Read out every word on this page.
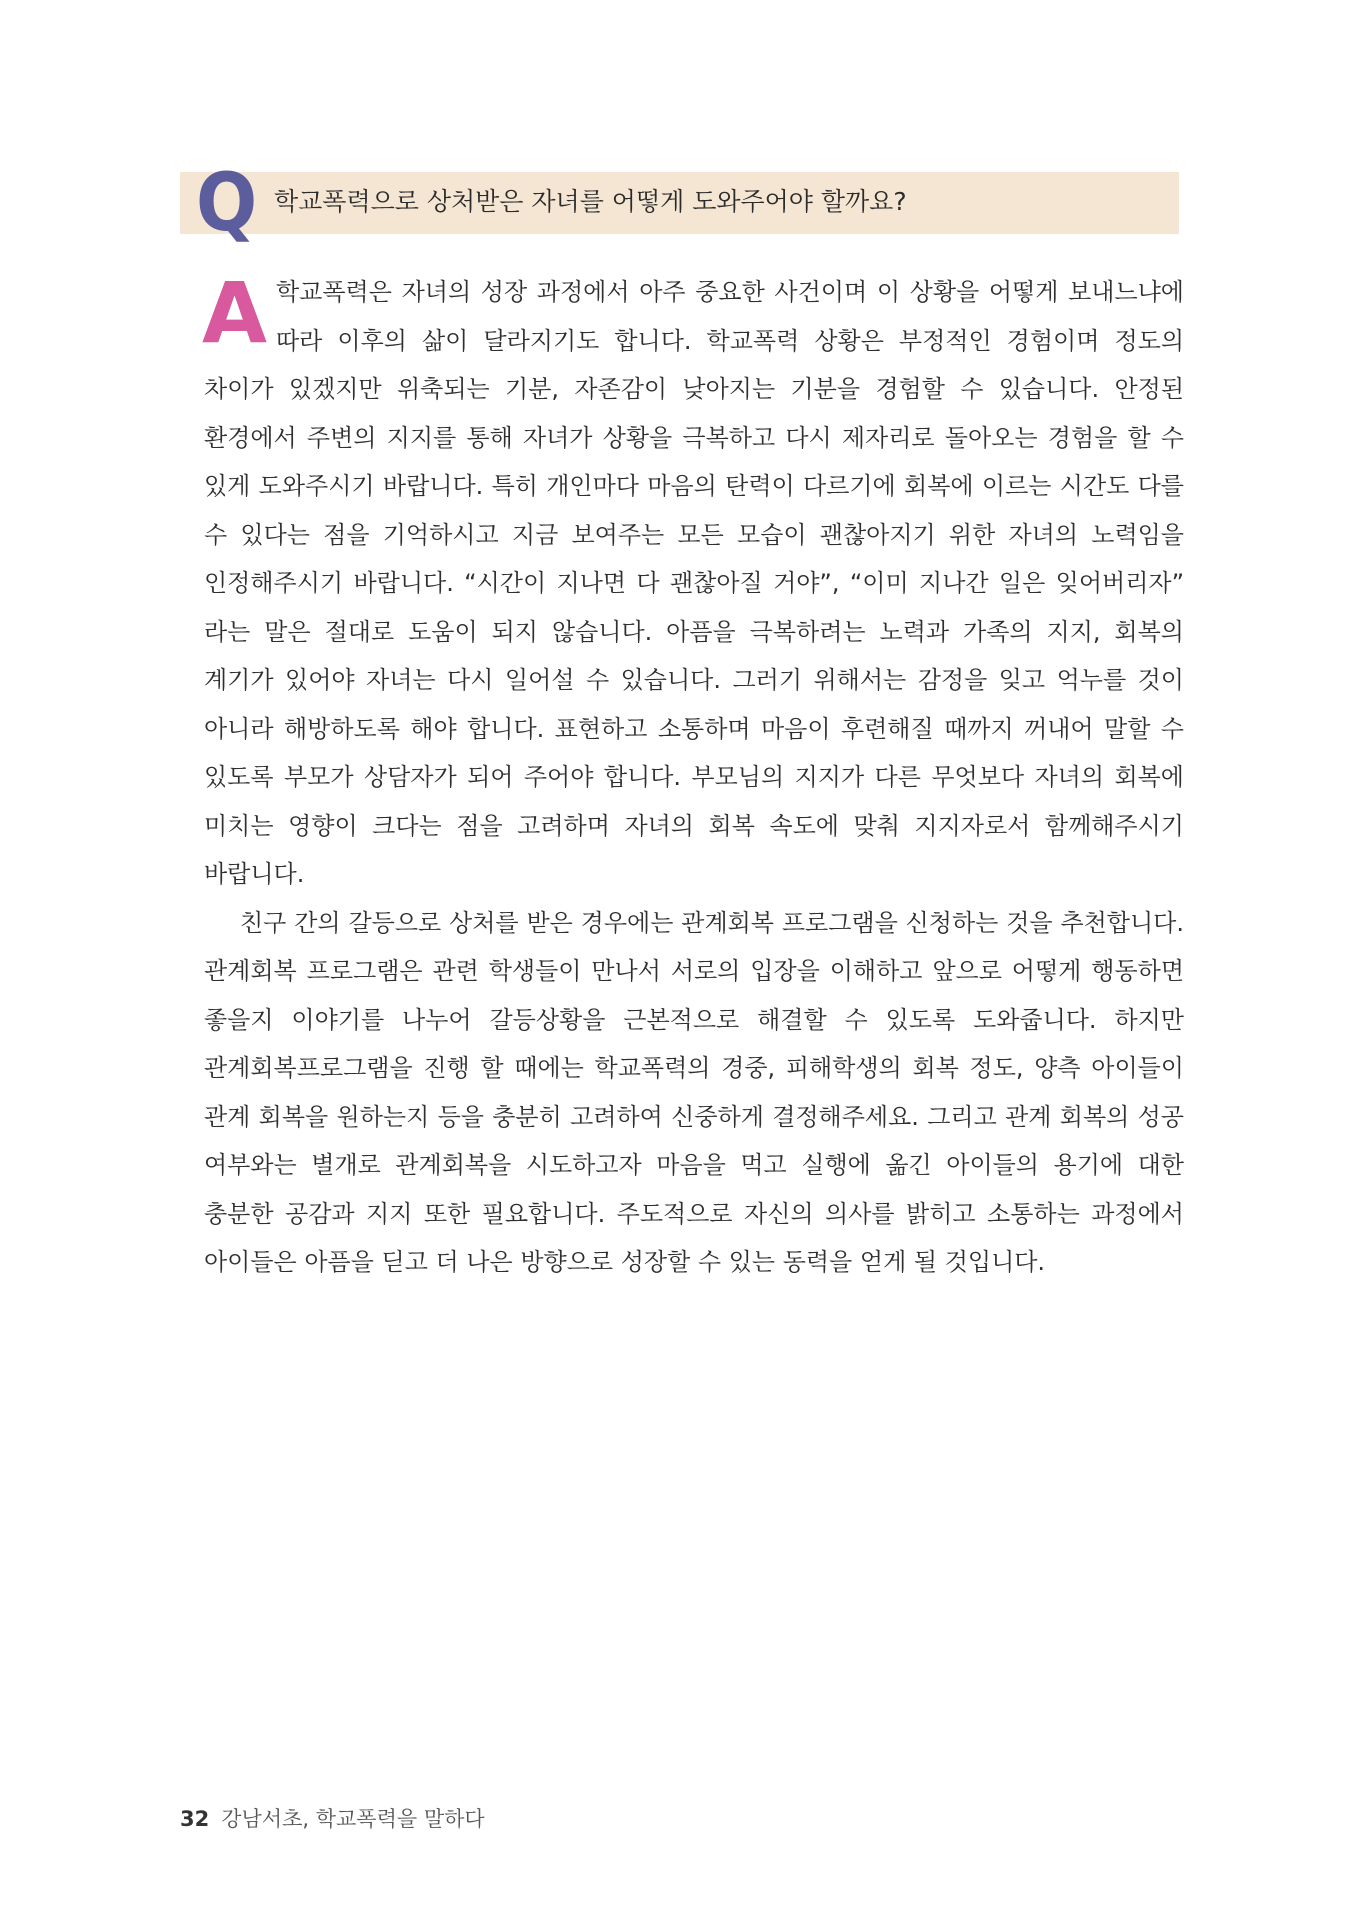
Q 학교폭력으로 상처받은 자녀를 어떻게 도와주어야 할까요?
A 학교폭력은 자녀의 성장 과정에서 아주 중요한 사건이며 이 상황을 어떻게 보내느냐에 따라 이후의 삶이 달라지기도 합니다. 학교폭력 상황은 부정적인 경험이며 정도의 차이가 있겠지만 위축되는 기분, 자존감이 낮아지는 기분을 경험할 수 있습니다. 안정된 환경에서 주변의 지지를 통해 자녀가 상황을 극복하고 다시 제자리로 돌아오는 경험을 할 수 있게 도와주시기 바랍니다. 특히 개인마다 마음의 탄력이 다르기에 회복에 이르는 시간도 다를 수 있다는 점을 기억하시고 지금 보여주는 모든 모습이 괜찮아지기 위한 자녀의 노력임을 인정해주시기 바랍니다. “시간이 지나면 다 괜찮아질 거야”, “이미 지나간 일은 잊어버리자” 라는 말은 절대로 도움이 되지 않습니다. 아픔을 극복하려는 노력과 가족의 지지, 회복의 계기가 있어야 자녀는 다시 일어설 수 있습니다. 그러기 위해서는 감정을 잊고 억누를 것이 아니라 해방하도록 해야 합니다. 표현하고 소통하며 마음이 후련해질 때까지 꺼내어 말할 수 있도록 부모가 상담자가 되어 주어야 합니다. 부모님의 지지가 다른 무엇보다 자녀의 회복에 미치는 영향이 크다는 점을 고려하며 자녀의 회복 속도에 맞춰 지지자로서 함께해주시기 바랍니다.

친구 간의 갈등으로 상처를 받은 경우에는 관계회복 프로그램을 신청하는 것을 추천합니다. 관계회복 프로그램은 관련 학생들이 만나서 서로의 입장을 이해하고 앞으로 어떻게 행동하면 좋을지 이야기를 나누어 갈등상황을 근본적으로 해결할 수 있도록 도와줍니다. 하지만 관계회복프로그램을 진행 할 때에는 학교폭력의 경중, 피해학생의 회복 정도, 양측 아이들이 관계 회복을 원하는지 등을 충분히 고려하여 신중하게 결정해주세요. 그리고 관계 회복의 성공 여부와는 별개로 관계회복을 시도하고자 마음을 먹고 실행에 옮긴 아이들의 용기에 대한 충분한 공감과 지지 또한 필요합니다. 주도적으로 자신의 의사를 밝히고 소통하는 과정에서 아이들은 아픔을 딛고 더 나은 방향으로 성장할 수 있는 동력을 얻게 될 것입니다.

32 강남서초, 학교폭력을 말하다
